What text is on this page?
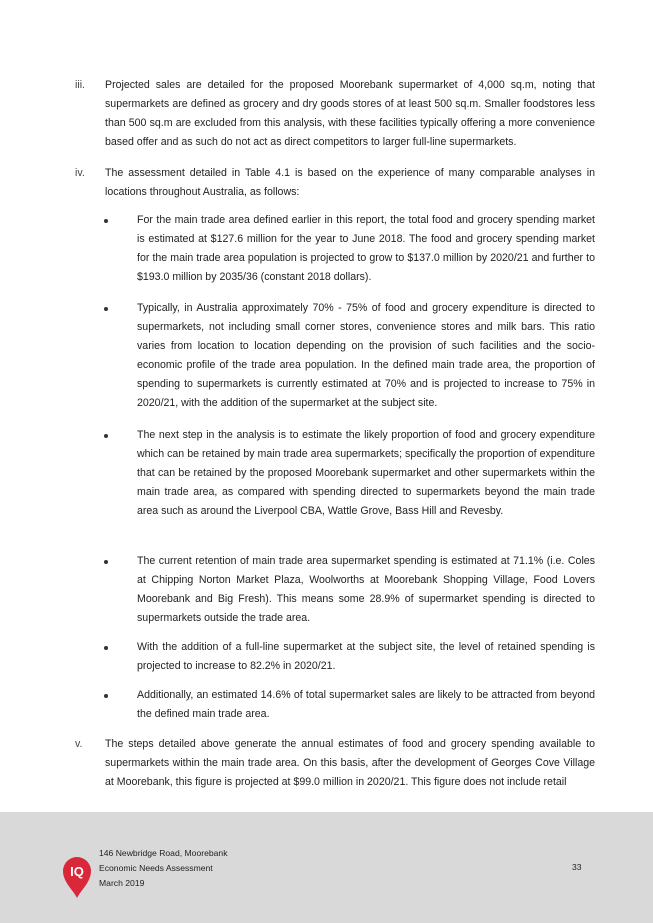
iii. Projected sales are detailed for the proposed Moorebank supermarket of 4,000 sq.m, noting that supermarkets are defined as grocery and dry goods stores of at least 500 sq.m. Smaller foodstores less than 500 sq.m are excluded from this analysis, with these facilities typically offering a more convenience based offer and as such do not act as direct competitors to larger full-line supermarkets.
iv. The assessment detailed in Table 4.1 is based on the experience of many comparable analyses in locations throughout Australia, as follows:
For the main trade area defined earlier in this report, the total food and grocery spending market is estimated at $127.6 million for the year to June 2018. The food and grocery spending market for the main trade area population is projected to grow to $137.0 million by 2020/21 and further to $193.0 million by 2035/36 (constant 2018 dollars).
Typically, in Australia approximately 70% - 75% of food and grocery expenditure is directed to supermarkets, not including small corner stores, convenience stores and milk bars. This ratio varies from location to location depending on the provision of such facilities and the socio-economic profile of the trade area population. In the defined main trade area, the proportion of spending to supermarkets is currently estimated at 70% and is projected to increase to 75% in 2020/21, with the addition of the supermarket at the subject site.
The next step in the analysis is to estimate the likely proportion of food and grocery expenditure which can be retained by main trade area supermarkets; specifically the proportion of expenditure that can be retained by the proposed Moorebank supermarket and other supermarkets within the main trade area, as compared with spending directed to supermarkets beyond the main trade area such as around the Liverpool CBA, Wattle Grove, Bass Hill and Revesby.
The current retention of main trade area supermarket spending is estimated at 71.1% (i.e. Coles at Chipping Norton Market Plaza, Woolworths at Moorebank Shopping Village, Food Lovers Moorebank and Big Fresh). This means some 28.9% of supermarket spending is directed to supermarkets outside the trade area.
With the addition of a full-line supermarket at the subject site, the level of retained spending is projected to increase to 82.2% in 2020/21.
Additionally, an estimated 14.6% of total supermarket sales are likely to be attracted from beyond the defined main trade area.
v. The steps detailed above generate the annual estimates of food and grocery spending available to supermarkets within the main trade area. On this basis, after the development of Georges Cove Village at Moorebank, this figure is projected at $99.0 million in 2020/21. This figure does not include retail
IQ
146 Newbridge Road, Moorebank
Economic Needs Assessment
March 2019
33
